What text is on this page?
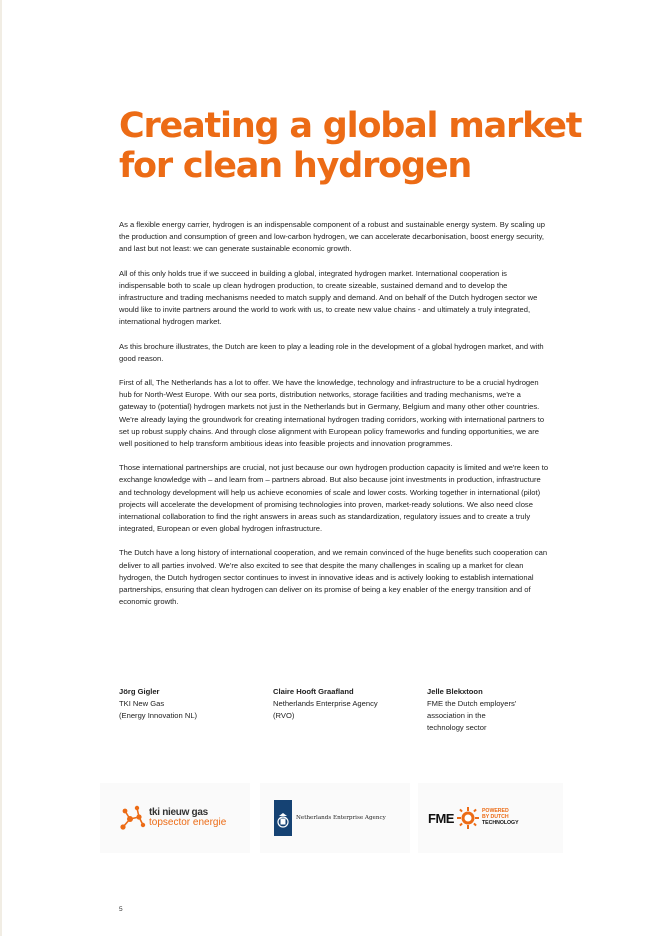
Creating a global market for clean hydrogen

As a flexible energy carrier, hydrogen is an indispensable component of a robust and sustainable energy system. By scaling up the production and consumption of green and low-carbon hydrogen, we can accelerate decarbonisation, boost energy security, and last but not least: we can generate sustainable economic growth.

All of this only holds true if we succeed in building a global, integrated hydrogen market. International cooperation is indispensable both to scale up clean hydrogen production, to create sizeable, sustained demand and to develop the infrastructure and trading mechanisms needed to match supply and demand. And on behalf of the Dutch hydrogen sector we would like to invite partners around the world to work with us, to create new value chains - and ultimately a truly integrated, international hydrogen market.

As this brochure illustrates, the Dutch are keen to play a leading role in the development of a global hydrogen market, and with good reason.

First of all, The Netherlands has a lot to offer. We have the knowledge, technology and infrastructure to be a crucial hydrogen hub for North-West Europe. With our sea ports, distribution networks, storage facilities and trading mechanisms, we're a gateway to (potential) hydrogen markets not just in the Netherlands but in Germany, Belgium and many other other countries. We're already laying the groundwork for creating international hydrogen trading corridors, working with international partners to set up robust supply chains. And through close alignment with European policy frameworks and funding opportunities, we are well positioned to help transform ambitious ideas into feasible projects and innovation programmes.

Those international partnerships are crucial, not just because our own hydrogen production capacity is limited and we're keen to exchange knowledge with – and learn from – partners abroad. But also because joint investments in production, infrastructure and technology development will help us achieve economies of scale and lower costs. Working together in international (pilot) projects will accelerate the development of promising technologies into proven, market-ready solutions. We also need close international collaboration to find the right answers in areas such as standardization, regulatory issues and to create a truly integrated, European or even global hydrogen infrastructure.

The Dutch have a long history of international cooperation, and we remain convinced of the huge benefits such cooperation can deliver to all parties involved. We're also excited to see that despite the many challenges in scaling up a market for clean hydrogen, the Dutch hydrogen sector continues to invest in innovative ideas and is actively looking to establish international partnerships, ensuring that clean hydrogen can deliver on its promise of being a key enabler of the energy transition and of economic growth.

Jörg Gigler
TKI New Gas
(Energy Innovation NL)
Claire Hooft Graafland
Netherlands Enterprise Agency
(RVO)
Jelle Blekxtoon
FME the Dutch employers'
association in the
technology sector
tki nieuw gas
topsector energie	Netherlands Enterprise Agency	FME	POWERED
BY DUTCH
TECHNOLOGY
5
